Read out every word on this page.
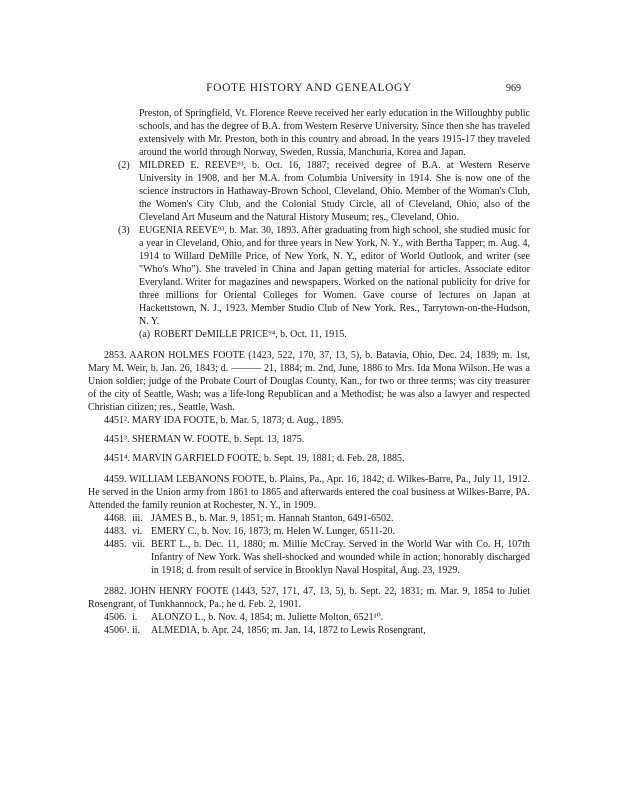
FOOTE HISTORY AND GENEALOGY	969

Preston, of Springfield, Vt. Florence Reeve received her early education in the Willoughby public schools, and has the degree of B.A. from Western Reserve University. Since then she has traveled extensively with Mr. Preston, both in this country and abroad. In the years 1915-17 they traveled around the world through Norway, Sweden, Russia, Manchuria, Korea and Japan.

(2) MILDRED E. REEVE⁹³, b. Oct. 16, 1887; received degree of B.A. at Western Reserve University in 1908, and her M.A. from Columbia University in 1914. She is now one of the science instructors in Hathaway-Brown School, Cleveland, Ohio. Member of the Woman's Club, the Women's City Club, and the Colonial Study Circle, all of Cleveland, Ohio, also of the Cleveland Art Museum and the Natural History Museum; res., Cleveland, Ohio.

(3) EUGENIA REEVE⁹³, b. Mar. 30, 1893. After graduating from high school, she studied music for a year in Cleveland, Ohio, and for three years in New York, N. Y., with Bertha Tapper; m. Aug. 4, 1914 to Willard DeMille Price, of New York, N. Y., editor of World Outlook, and writer (see "Who's Who"). She traveled in China and Japan getting material for articles. Associate editor Everyland. Writer for magazines and newspapers. Worked on the national publicity for drive for three millions for Oriental Colleges for Women. Gave course of lectures on Japan at Hackettstown, N. J., 1923. Member Studio Club of New York. Res., Tarrytown-on-the-Hudson, N. Y.

(a) ROBERT DeMILLE PRICE⁹⁴, b. Oct. 11, 1915.

2853. AARON HOLMES FOOTE (1423, 522, 170, 37, 13, 5), b. Batavia, Ohio, Dec. 24, 1839; m. 1st, Mary M. Weir, b. Jan. 26, 1843; d. ——— 21, 1884; m. 2nd, June, 1886 to Mrs. Ida Mona Wilson. He was a Union soldier; judge of the Probate Court of Douglas County, Kan., for two or three terms; was city treasurer of the city of Seattle, Wash; was a life-long Republican and a Methodist; he was also a lawyer and respected Christian citizen; res., Seattle, Wash.

4451². MARY IDA FOOTE, b. Mar. 5, 1873; d. Aug., 1895.

4451³. SHERMAN W. FOOTE, b. Sept. 13, 1875.

4451⁴. MARVIN GARFIELD FOOTE, b. Sept. 19, 1881; d. Feb. 28, 1885.

4459. WILLIAM LEBANONS FOOTE, b. Plains, Pa., Apr. 16, 1842; d. Wilkes-Barre, Pa., July 11, 1912. He served in the Union army from 1861 to 1865 and afterwards entered the coal business at Wilkes-Barre, PA. Attended the family reunion at Rochester, N. Y., in 1909.

4468. iii. JAMES B., b. Mar. 9, 1851; m. Hannah Stanton, 6491-6502.

4483. vi. EMERY C., b. Nov. 16, 1873; m. Helen W. Lunger, 6511-20.

4485. vii. BERT L., b. Dec. 11, 1880; m. Millie McCray. Served in the World War with Co. H, 107th Infantry of New York. Was shell-shocked and wounded while in action; honorably discharged in 1918; d. from result of service in Brooklyn Naval Hospital, Aug. 23, 1929.

2882. JOHN HENRY FOOTE (1443, 527, 171, 47, 13, 5), b. Sept. 22, 1831; m. Mar. 9, 1854 to Juliet Rosengrant, of Tunkhannock, Pa.; he d. Feb. 2, 1901.

4506. i. ALONZO L., b. Nov. 4, 1854; m. Juliette Molton, 6521¹⁰.

4506¹. ii. ALMEDIA, b. Apr. 24, 1856; m. Jan. 14, 1872 to Lewis Rosengrant,
